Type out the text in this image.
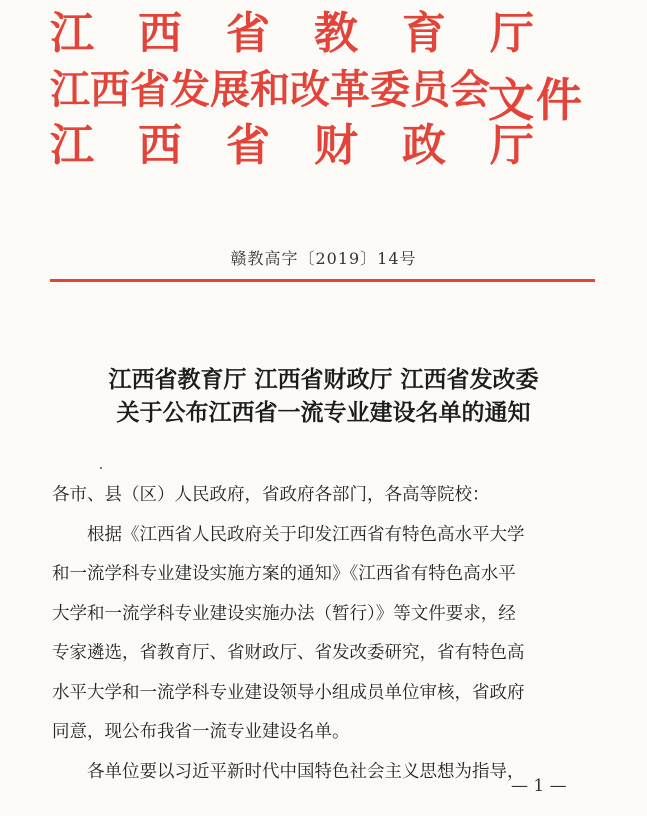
江　西　省　教　育　厅
江西省发展和改革委员会
江　西　省　财　政　厅
文件
赣教高字〔2019〕14号
江西省教育厅 江西省财政厅 江西省发改委
关于公布江西省一流专业建设名单的通知
各市、县（区）人民政府，省政府各部门，各高等院校：
根据《江西省人民政府关于印发江西省有特色高水平大学
和一流学科专业建设实施方案的通知》《江西省有特色高水平
大学和一流学科专业建设实施办法（暂行）》等文件要求，经
专家遴选，省教育厅、省财政厅、省发改委研究，省有特色高
水平大学和一流学科专业建设领导小组成员单位审核，省政府
同意，现公布我省一流专业建设名单。
各单位要以习近平新时代中国特色社会主义思想为指导，
— 1 —
